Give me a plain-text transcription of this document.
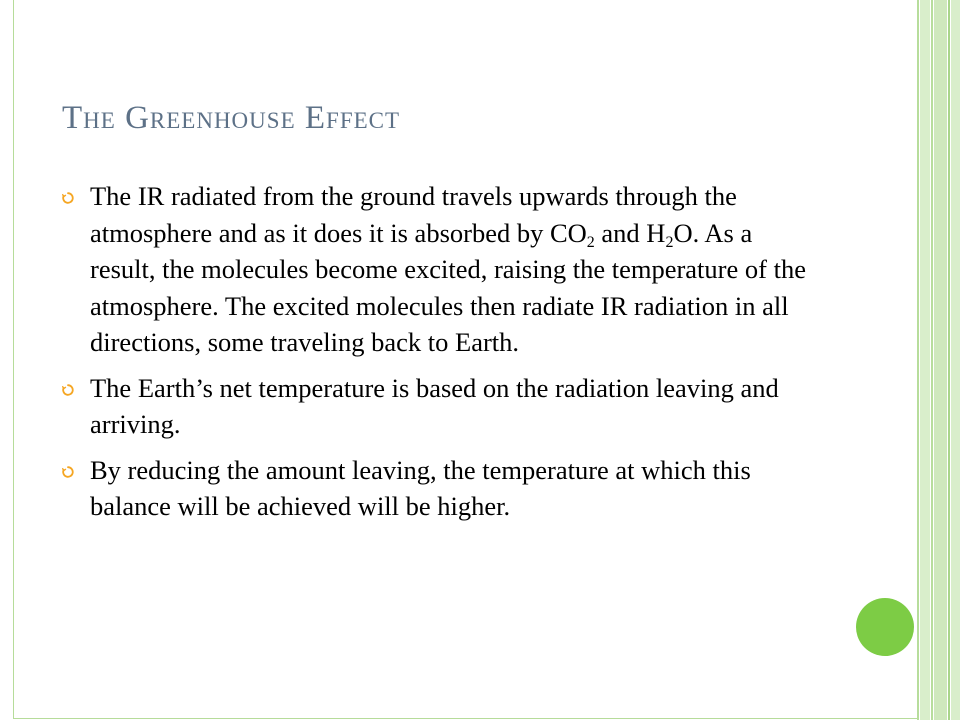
The Greenhouse Effect
The IR radiated from the ground travels upwards through the atmosphere and as it does it is absorbed by $CO_2$ and $H_2O$. As a result, the molecules become excited, raising the temperature of the atmosphere. The excited molecules then radiate IR radiation in all directions, some traveling back to Earth.
The Earth’s net temperature is based on the radiation leaving and arriving.
By reducing the amount leaving, the temperature at which this balance will be achieved will be higher.
